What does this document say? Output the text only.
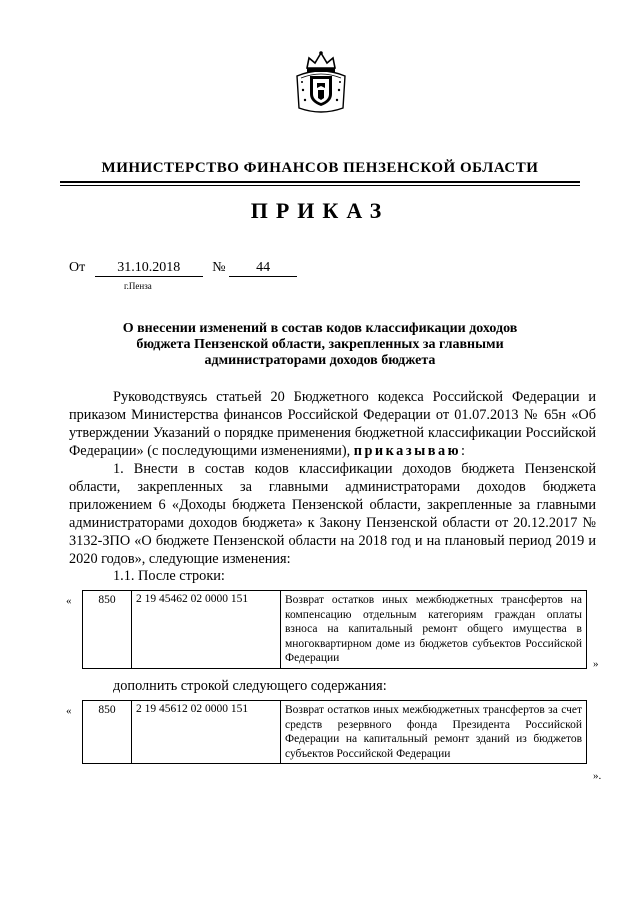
МИНИСТЕРСТВО ФИНАНСОВ ПЕНЗЕНСКОЙ ОБЛАСТИ
ПРИКАЗ
От 31.10.2018 № 44
г.Пенза
О внесении изменений в состав кодов классификации доходов бюджета Пензенской области, закрепленных за главными администраторами доходов бюджета

Руководствуясь статьей 20 Бюджетного кодекса Российской Федерации и приказом Министерства финансов Российской Федерации от 01.07.2013 № 65н «Об утверждении Указаний о порядке применения бюджетной классификации Российской Федерации» (с последующими изменениями), приказываю:

1. Внести в состав кодов классификации доходов бюджета Пензенской области, закрепленных за главными администраторами доходов бюджета приложением 6 «Доходы бюджета Пензенской области, закрепленные за главными администраторами доходов бюджета» к Закону Пензенской области от 20.12.2017 № 3132-ЗПО «О бюджете Пензенской области на 2018 год и на плановый период 2019 и 2020 годов», следующие изменения:

1.1. После строки:
« 850	2 19 45462 02 0000 151	Возврат остатков иных межбюджетных трансфертов на компенсацию отдельным категориям граждан оплаты взноса на капитальный ремонт общего имущества в многоквартирном доме из бюджетов субъектов Российской Федерации	»
дополнить строкой следующего содержания:
« 850	2 19 45612 02 0000 151	Возврат остатков иных межбюджетных трансфертов за счет средств резервного фонда Президента Российской Федерации на капитальный ремонт зданий из бюджетов субъектов Российской Федерации
».
